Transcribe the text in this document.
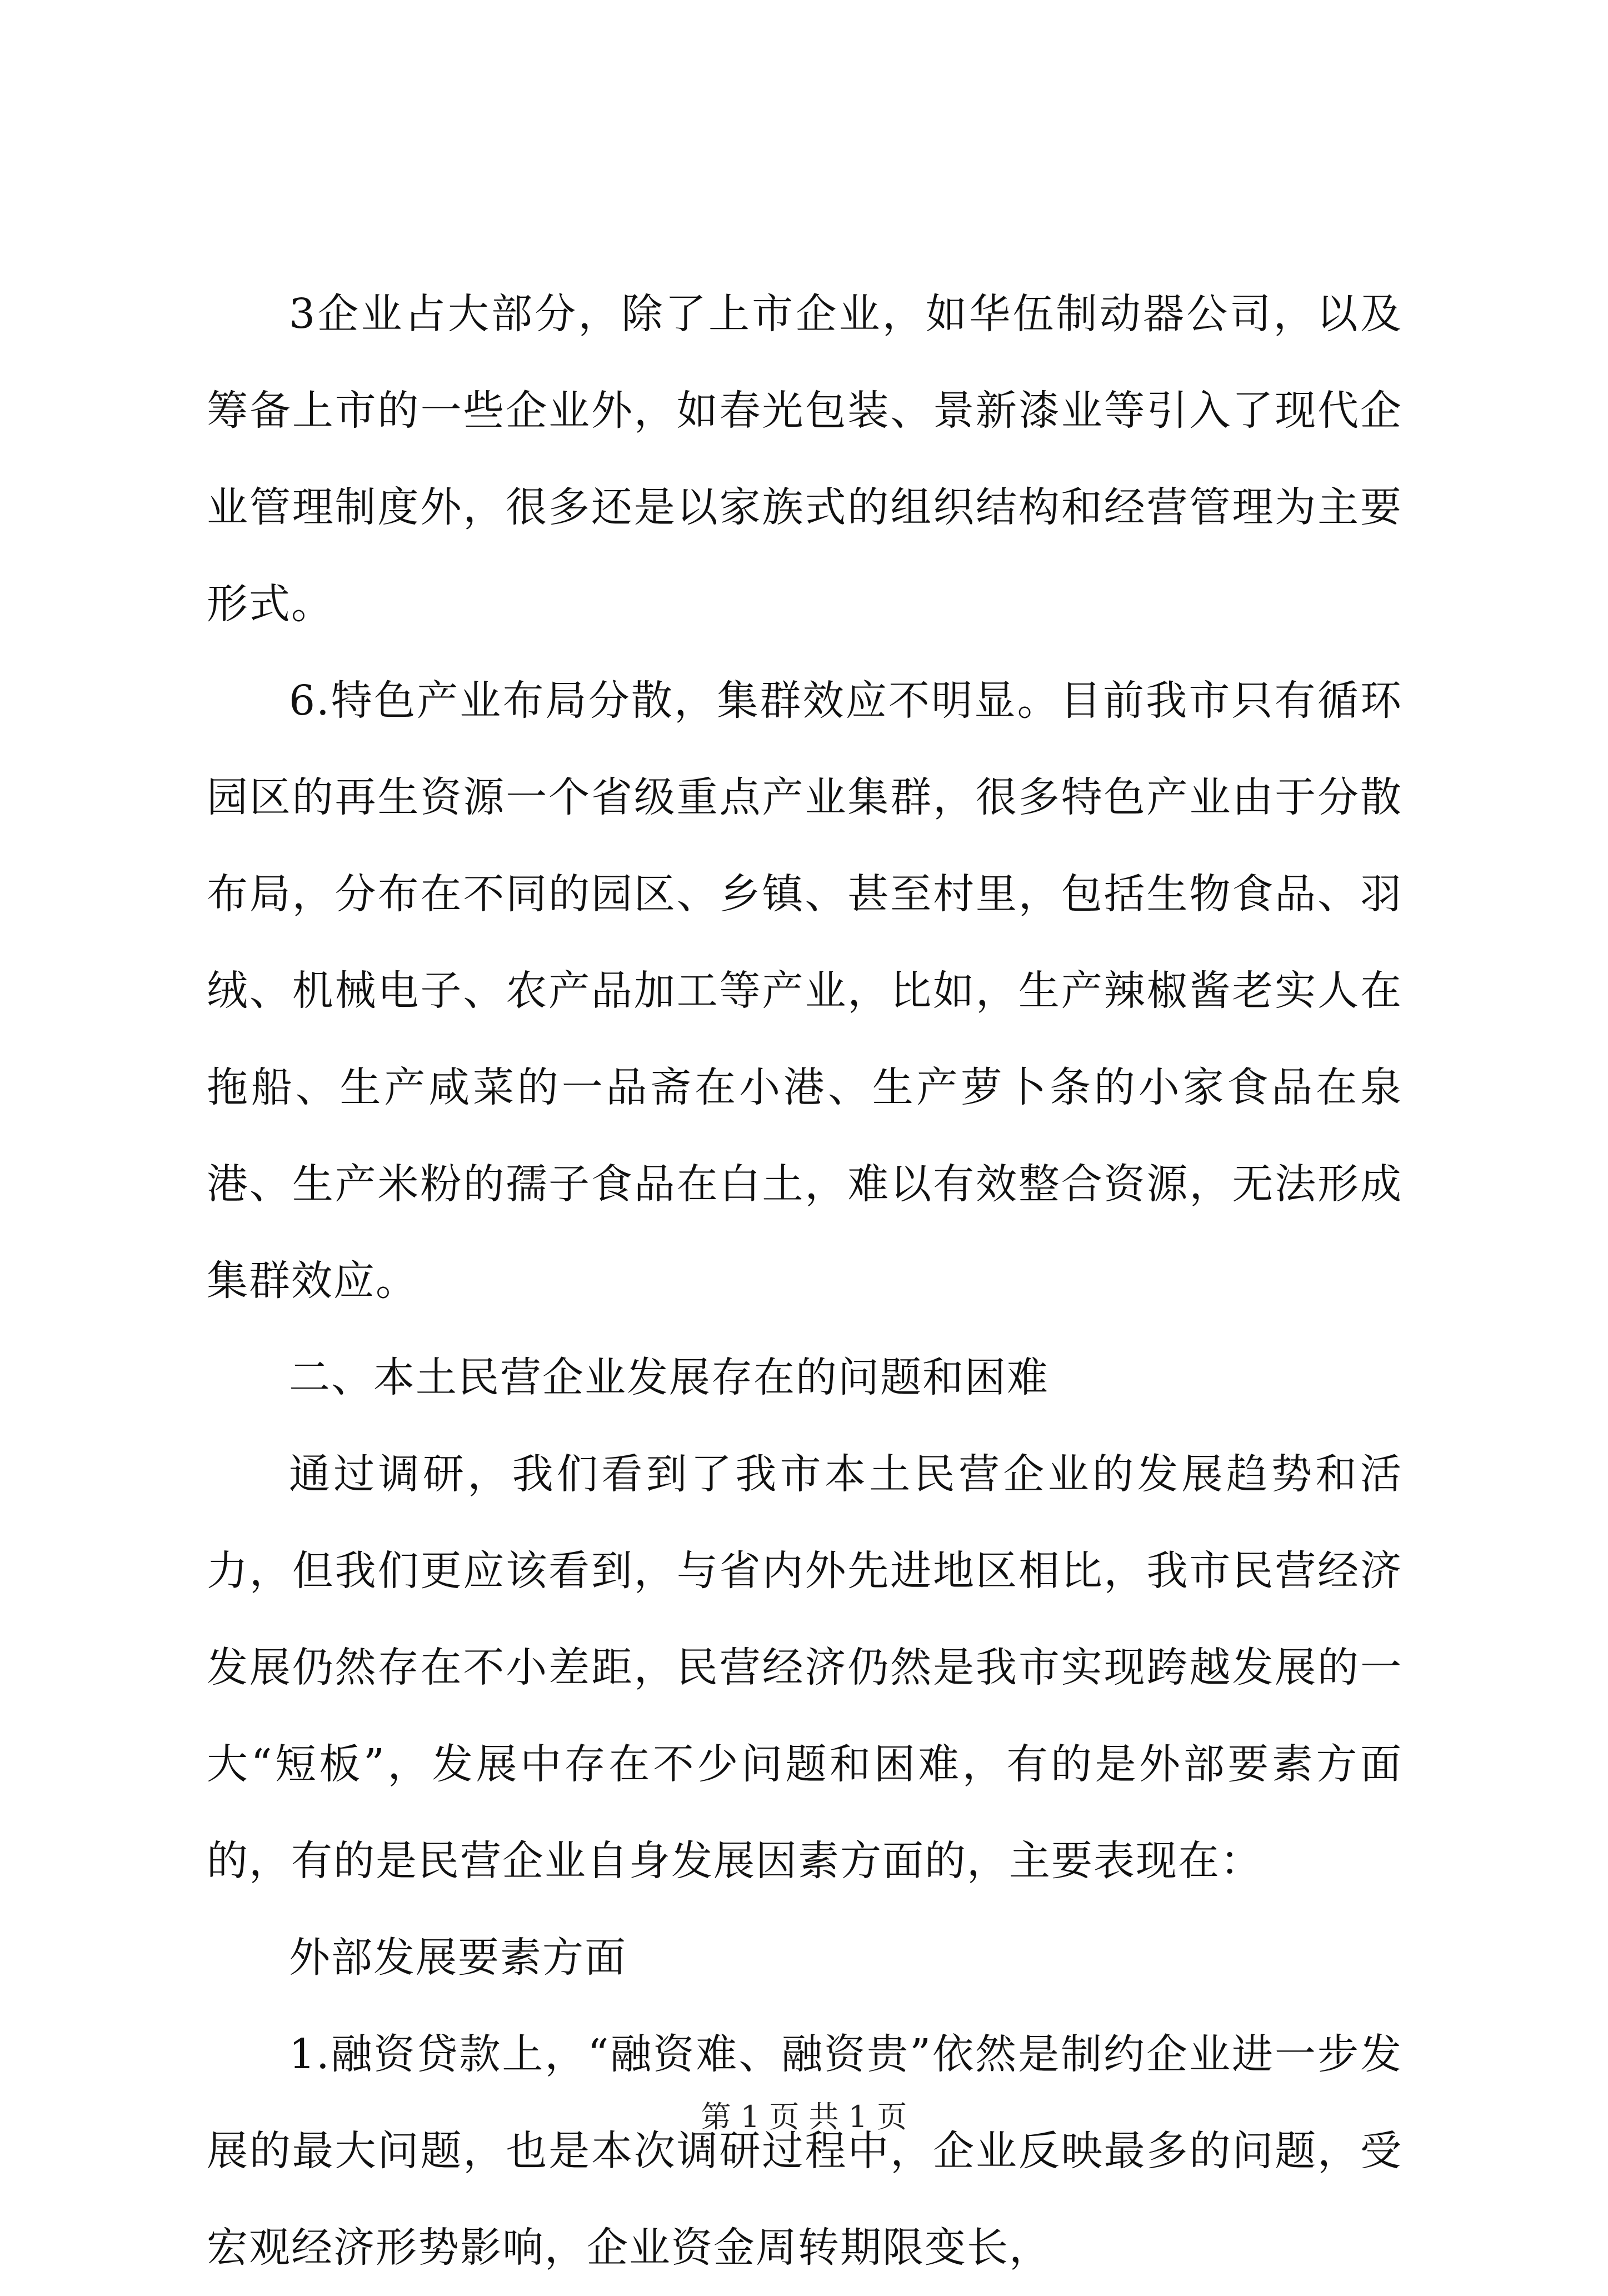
3企业占大部分，除了上市企业，如华伍制动器公司，以及筹备上市的一些企业外，如春光包装、景新漆业等引入了现代企业管理制度外，很多还是以家族式的组织结构和经营管理为主要形式。

6.特色产业布局分散，集群效应不明显。目前我市只有循环园区的再生资源一个省级重点产业集群，很多特色产业由于分散布局，分布在不同的园区、乡镇、甚至村里，包括生物食品、羽绒、机械电子、农产品加工等产业，比如，生产辣椒酱老实人在拖船、生产咸菜的一品斋在小港、生产萝卜条的小家食品在泉港、生产米粉的孺子食品在白土，难以有效整合资源，无法形成集群效应。

二、本土民营企业发展存在的问题和困难

通过调研，我们看到了我市本土民营企业的发展趋势和活力，但我们更应该看到，与省内外先进地区相比，我市民营经济发展仍然存在不小差距，民营经济仍然是我市实现跨越发展的一大“短板”，发展中存在不少问题和困难，有的是外部要素方面的，有的是民营企业自身发展因素方面的，主要表现在：

外部发展要素方面

1.融资贷款上，“融资难、融资贵”依然是制约企业进一步发展的最大问题，也是本次调研过程中，企业反映最多的问题，受宏观经济形势影响，企业资金周转期限变长，

第 1 页 共 1 页
